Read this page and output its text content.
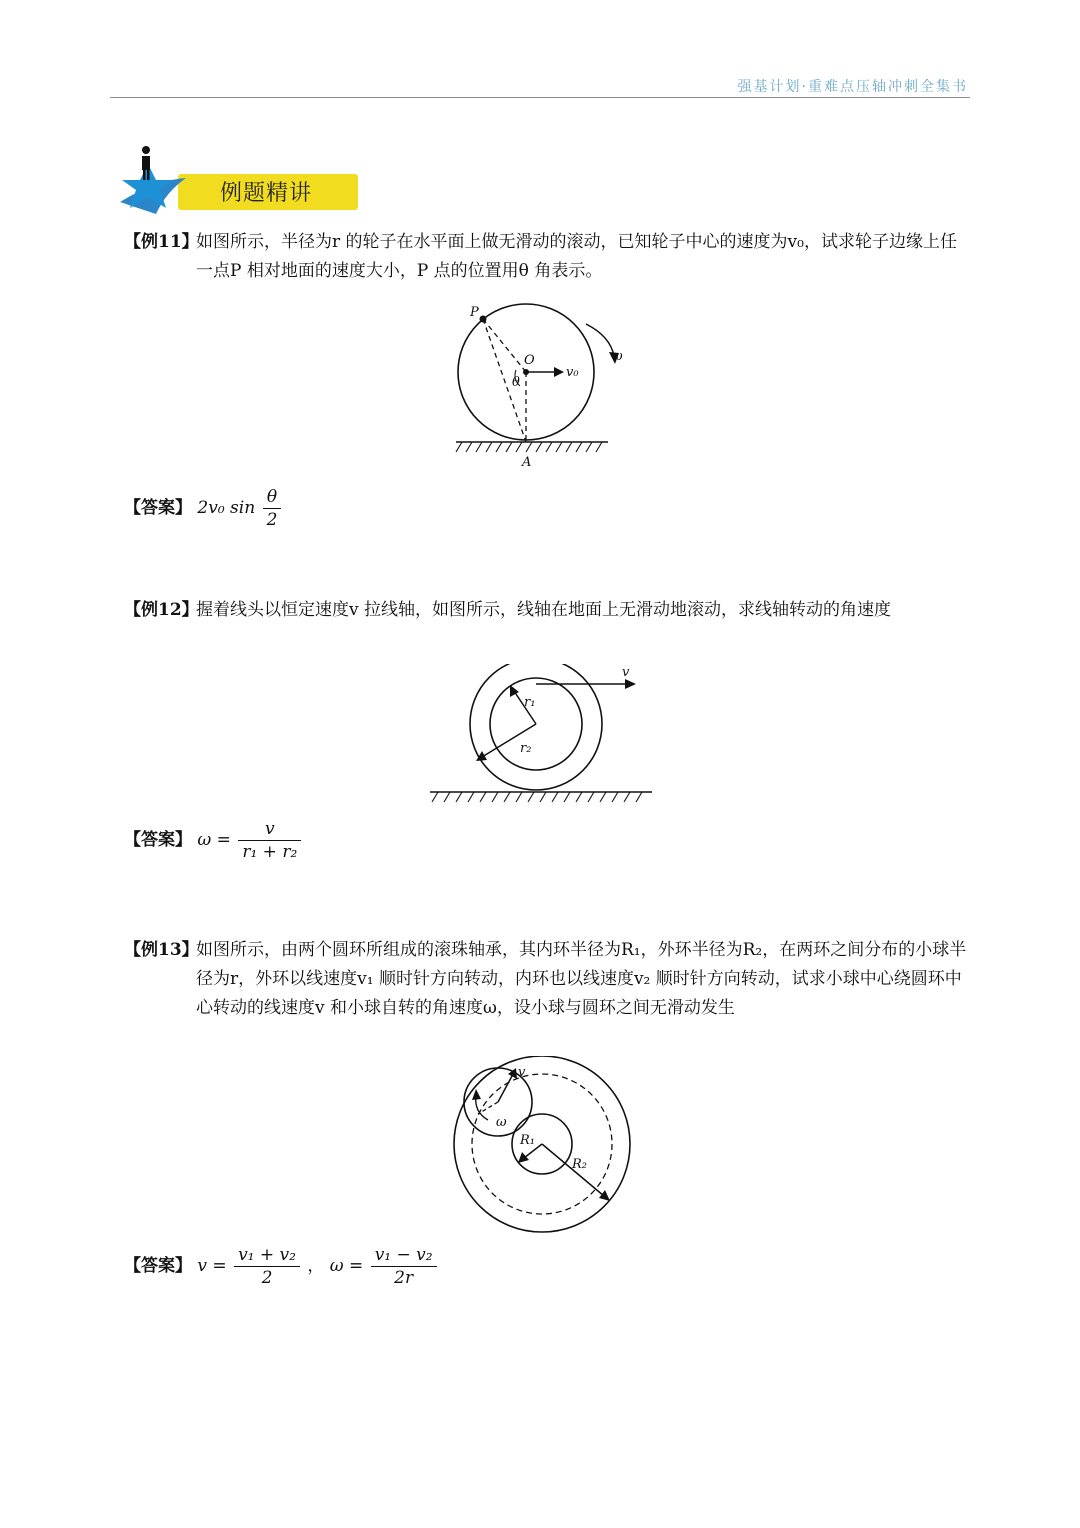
强基计划·重难点压轴冲刺全集书
例题精讲
【例11】
如图所示，半径为r 的轮子在水平面上做无滑动的滚动，已知轮子中心的速度为v₀，试求轮子边缘上任一点P 相对地面的速度大小，P 点的位置用θ 角表示。
P
O
θ
v₀
ω
A
【答案】 2v₀ $\sin \frac{\theta}{2}$
【例12】
握着线头以恒定速度v 拉线轴，如图所示，线轴在地面上无滑动地滚动，求线轴转动的角速度
v
r₁
r₂
【答案】 $\omega = \frac{v}{\text{r₁ + r₂}}$
【例13】
如图所示，由两个圆环所组成的滚珠轴承，其内环半径为R₁，外环半径为R₂，在两环之间分布的小球半径为r，外环以线速度v₁ 顺时针方向转动，内环也以线速度v₂ 顺时针方向转动，试求小球中心绕圆环中心转动的线速度v 和小球自转的角速度ω，设小球与圆环之间无滑动发生
v
ω
R₁
R₂
【答案】 $v = \frac{\text{v₁ + v₂}}{2}$ ， $\omega = \frac{\text{v₁ − v₂}}{2r}$
